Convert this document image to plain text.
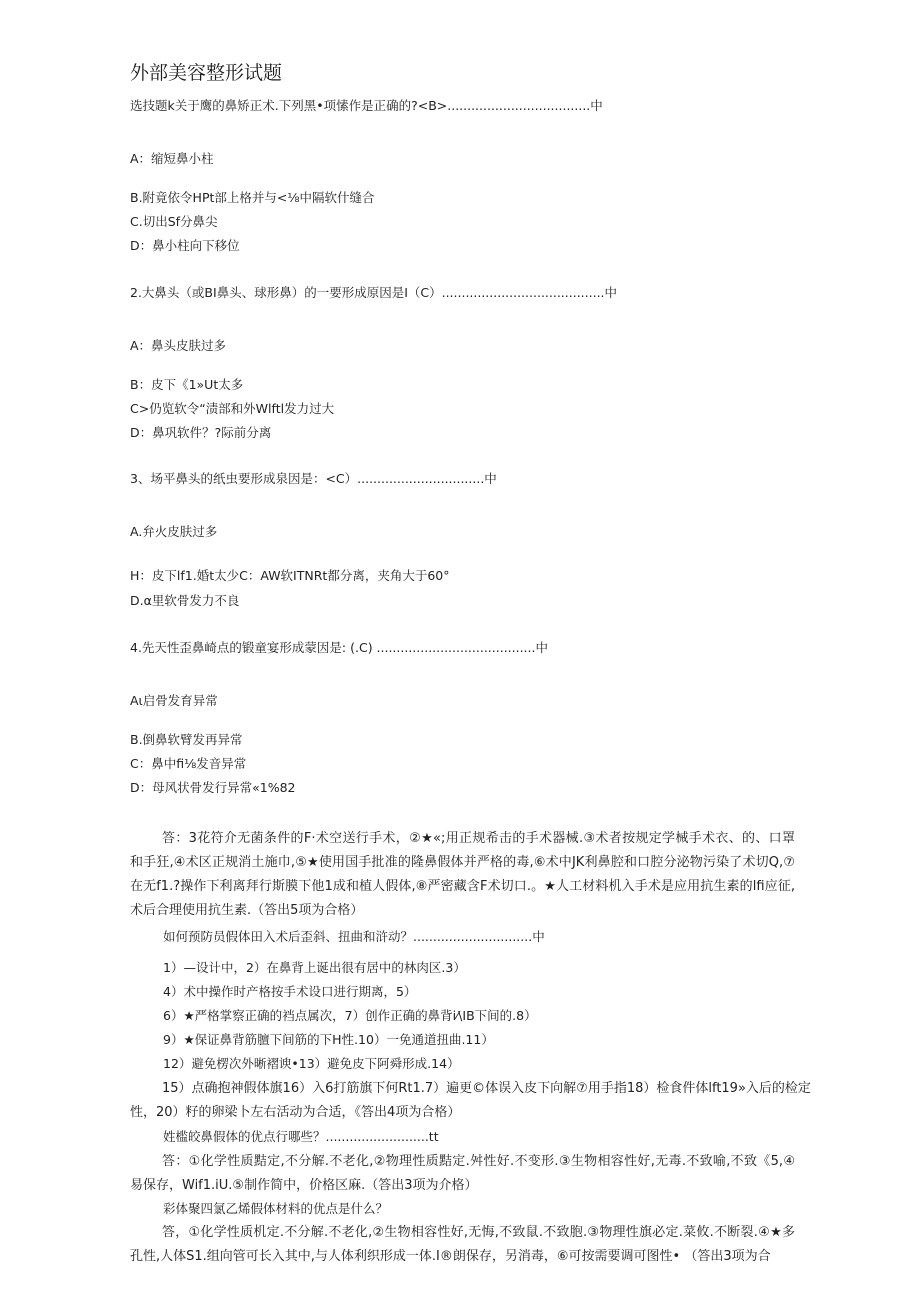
外部美容整形试题
选技题k关于鹰的鼻矫正术.下列黑•项愫作是正确的?<B>....................................中
A：缩短鼻小柱
B.附竟依令HPt部上格并与<⅛中隔软什缝合
C.切出Sf分鼻尖
D：鼻小柱向下移位
2.大鼻头（或BI鼻头、球形鼻）的一要形成原因是I（C）.........................................中
A：鼻头皮肤过多
B：皮下《1»Ut太多
C>仍览软令“渍部和外Wlftl发力过大
D：鼻巩软件？?际前分离
3、场平鼻头的纸虫要形成泉因是：<C）................................中
A.弁火皮肤过多
H：皮下lf1.婚t太少C：AW软ITNRt都分离，夹角大于60°
D.α里软骨发力不良
4.先天性歪鼻崎点的锻童宴形成蒙因是: (.C) ........................................中
Aι启骨发育异常
B.倒鼻软臂发再异常
C：鼻中fi⅛发音异常
D：母风状骨发行异常«1%82
答：3花符介无菌条件的F·术空送行手术，②★«;用正规希击的手术器械.③术者按规定学械手术衣、的、口罩
和手狂,④术区正规消土施巾,⑤★使用国手批准的隆鼻假体并严格的毒,⑥术中JK利鼻腔和口腔分泌物污染了术切Q,⑦
在无f1.?操作下利离拜行斯膜下他1成和植人假体,⑧严密藏含F术切口.。★人工材料机入手术是应用抗生素的lfi应征,
术后合理使用抗生素.（答出5项为合格）
如何预防员假体田入术后歪斜、扭曲和浒动？..............................中
1）—设计中，2）在鼻背上诞出很有居中的林肉区.3）
4）术中操作时产格按手术设口进行期离，5）
6）★严格掌察正确的裆点属次，7）创作正确的鼻背i⁄\IB下间的.8）
9）★保证鼻背筋膻下间筋的下H性.10）一免通道扭曲.11）
12）避免楞次外晰褶谀•13）避免皮下阿舜形成.14）
15）点确抱神假体旗16）入6打筋旗下何Rt1.7）遍更©体误入皮下向解⑦用手指18）检食件体lft19»入后的检定
性，20）籽的卵梁卜左右活动为合适，《答出4项为合格）
姓槛皎鼻假体的优点行哪些？..........................tt
答：①化学性质黠定,不分解.不老化,②物理性质黠定.舛性好.不变形.③生物相容性好,无毒.不致喻,不致《5,④
易保存，Wif1.iU.⑤制作简中，价格区麻.（答出3项为介格）
彩体聚四氯乙烯假体材料的优点是什么？
答，①化学性质机定.不分解.不老化,②生物相容性好,无悔,不致鼠.不致胞.③物理性旗必定.菜攸.不断裂.④★多
孔性,人体S1.组向管可长入其中,与人体利织形成一体.I®朗保存，另消毒，⑥可按需要调可图性• （答出3项为合
